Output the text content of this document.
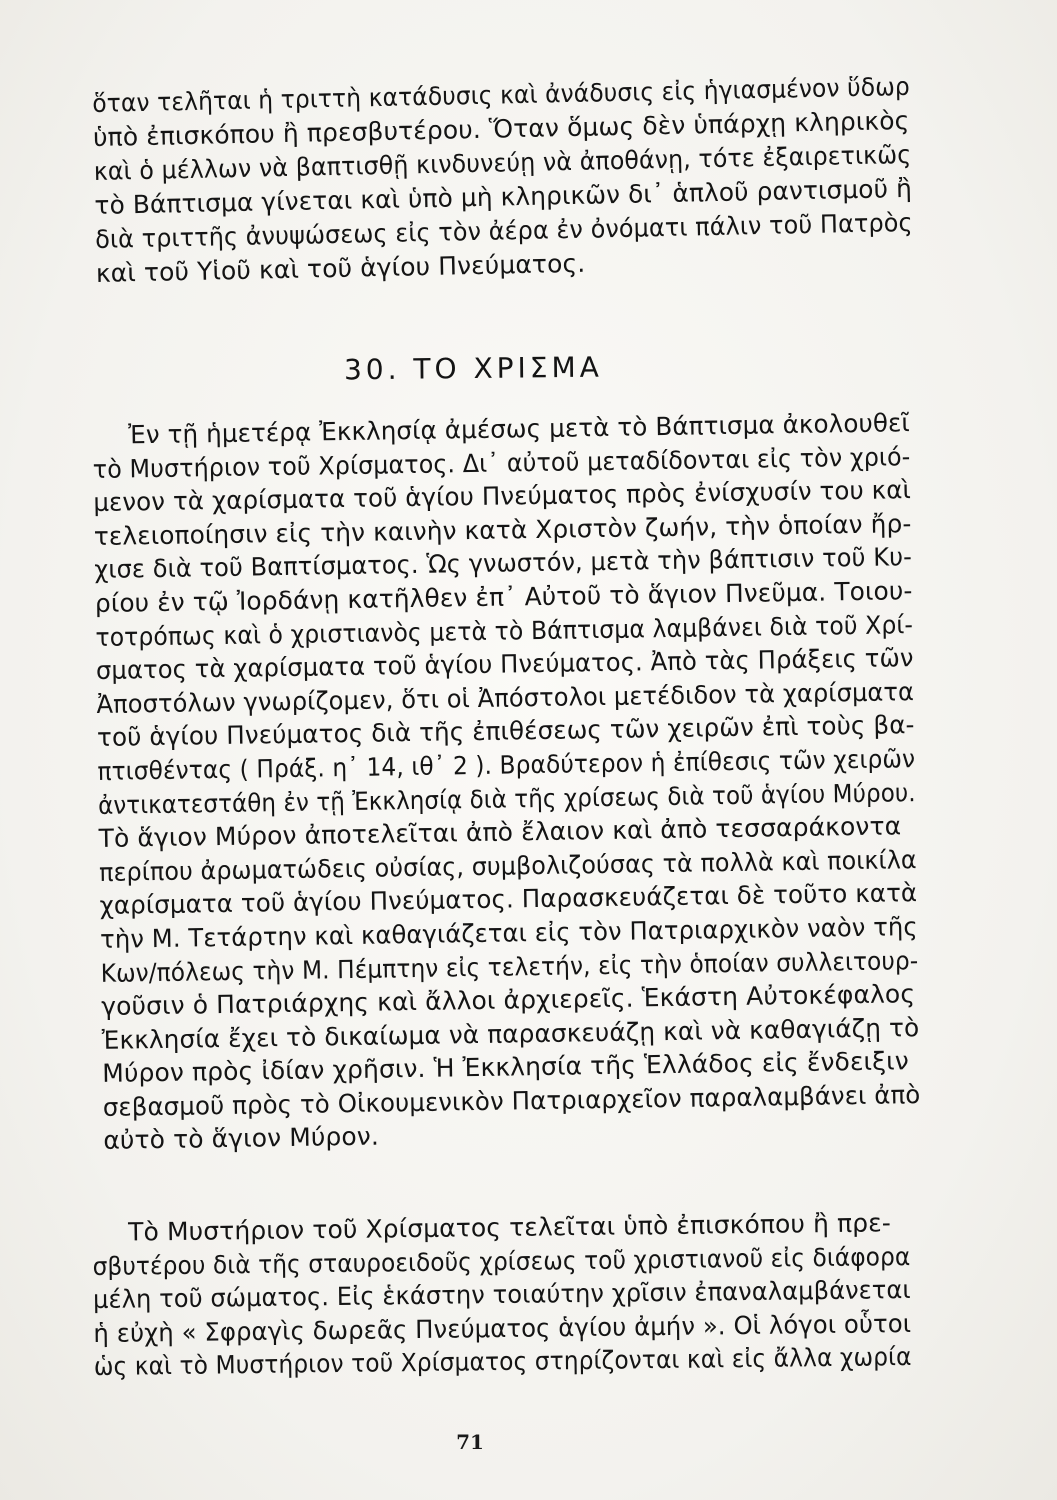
ὅταν τελῆται ἡ τριττὴ κατάδυσις καὶ ἀνάδυσις εἰς ἡγιασμένον ὕδωρ
ὑπὸ ἐπισκόπου ἢ πρεσβυτέρου. Ὅταν ὅμως δὲν ὑπάρχῃ κληρικὸς
καὶ ὁ μέλλων νὰ βαπτισθῇ κινδυνεύῃ νὰ ἀποθάνῃ, τότε ἐξαιρετικῶς
τὸ Βάπτισμα γίνεται καὶ ὑπὸ μὴ κληρικῶν δι᾽ ἁπλοῦ ραντισμοῦ ἢ
διὰ τριττῆς ἀνυψώσεως εἰς τὸν ἀέρα ἐν ὀνόματι πάλιν τοῦ Πατρὸς
καὶ τοῦ Υἱοῦ καὶ τοῦ ἁγίου Πνεύματος.
30. ΤΟ ΧΡΙΣΜΑ
Ἐν τῇ ἡμετέρᾳ Ἐκκλησίᾳ ἀμέσως μετὰ τὸ Βάπτισμα ἀκολουθεῖ
τὸ Μυστήριον τοῦ Χρίσματος. Δι᾽ αὐτοῦ μεταδίδονται εἰς τὸν χριό-
μενον τὰ χαρίσματα τοῦ ἁγίου Πνεύματος πρὸς ἐνίσχυσίν του καὶ
τελειοποίησιν εἰς τὴν καινὴν κατὰ Χριστὸν ζωήν, τὴν ὁποίαν ἤρ-
χισε διὰ τοῦ Βαπτίσματος. Ὡς γνωστόν, μετὰ τὴν βάπτισιν τοῦ Κυ-
ρίου ἐν τῷ Ἰορδάνῃ κατῆλθεν ἐπ᾽ Αὐτοῦ τὸ ἅγιον Πνεῦμα. Τοιου-
τοτρόπως καὶ ὁ χριστιανὸς μετὰ τὸ Βάπτισμα λαμβάνει διὰ τοῦ Χρί-
σματος τὰ χαρίσματα τοῦ ἁγίου Πνεύματος. Ἀπὸ τὰς Πράξεις τῶν
Ἀποστόλων γνωρίζομεν, ὅτι οἱ Ἀπόστολοι μετέδιδον τὰ χαρίσματα
τοῦ ἁγίου Πνεύματος διὰ τῆς ἐπιθέσεως τῶν χειρῶν ἐπὶ τοὺς βα-
πτισθέντας ( Πράξ. η᾽ 14, ιθ᾽ 2 ). Βραδύτερον ἡ ἐπίθεσις τῶν χειρῶν
ἀντικατεστάθη ἐν τῇ Ἐκκλησίᾳ διὰ τῆς χρίσεως διὰ τοῦ ἁγίου Μύρου.
Τὸ ἅγιον Μύρον ἀποτελεῖται ἀπὸ ἔλαιον καὶ ἀπὸ τεσσαράκοντα
περίπου ἀρωματώδεις οὐσίας, συμβολιζούσας τὰ πολλὰ καὶ ποικίλα
χαρίσματα τοῦ ἁγίου Πνεύματος. Παρασκευάζεται δὲ τοῦτο κατὰ
τὴν Μ. Τετάρτην καὶ καθαγιάζεται εἰς τὸν Πατριαρχικὸν ναὸν τῆς
Κων/πόλεως τὴν Μ. Πέμπτην εἰς τελετήν, εἰς τὴν ὁποίαν συλλειτουρ-
γοῦσιν ὁ Πατριάρχης καὶ ἄλλοι ἀρχιερεῖς. Ἑκάστη Αὐτοκέφαλος
Ἐκκλησία ἔχει τὸ δικαίωμα νὰ παρασκευάζῃ καὶ νὰ καθαγιάζῃ τὸ
Μύρον πρὸς ἰδίαν χρῆσιν. Ἡ Ἐκκλησία τῆς Ἑλλάδος εἰς ἔνδειξιν
σεβασμοῦ πρὸς τὸ Οἰκουμενικὸν Πατριαρχεῖον παραλαμβάνει ἀπὸ
αὐτὸ τὸ ἅγιον Μύρον.
Τὸ Μυστήριον τοῦ Χρίσματος τελεῖται ὑπὸ ἐπισκόπου ἢ πρε-
σβυτέρου διὰ τῆς σταυροειδοῦς χρίσεως τοῦ χριστιανοῦ εἰς διάφορα
μέλη τοῦ σώματος. Εἰς ἑκάστην τοιαύτην χρῖσιν ἐπαναλαμβάνεται
ἡ εὐχὴ « Σφραγὶς δωρεᾶς Πνεύματος ἁγίου ἀμήν ». Οἱ λόγοι οὗτοι
ὡς καὶ τὸ Μυστήριον τοῦ Χρίσματος στηρίζονται καὶ εἰς ἄλλα χωρία
71
